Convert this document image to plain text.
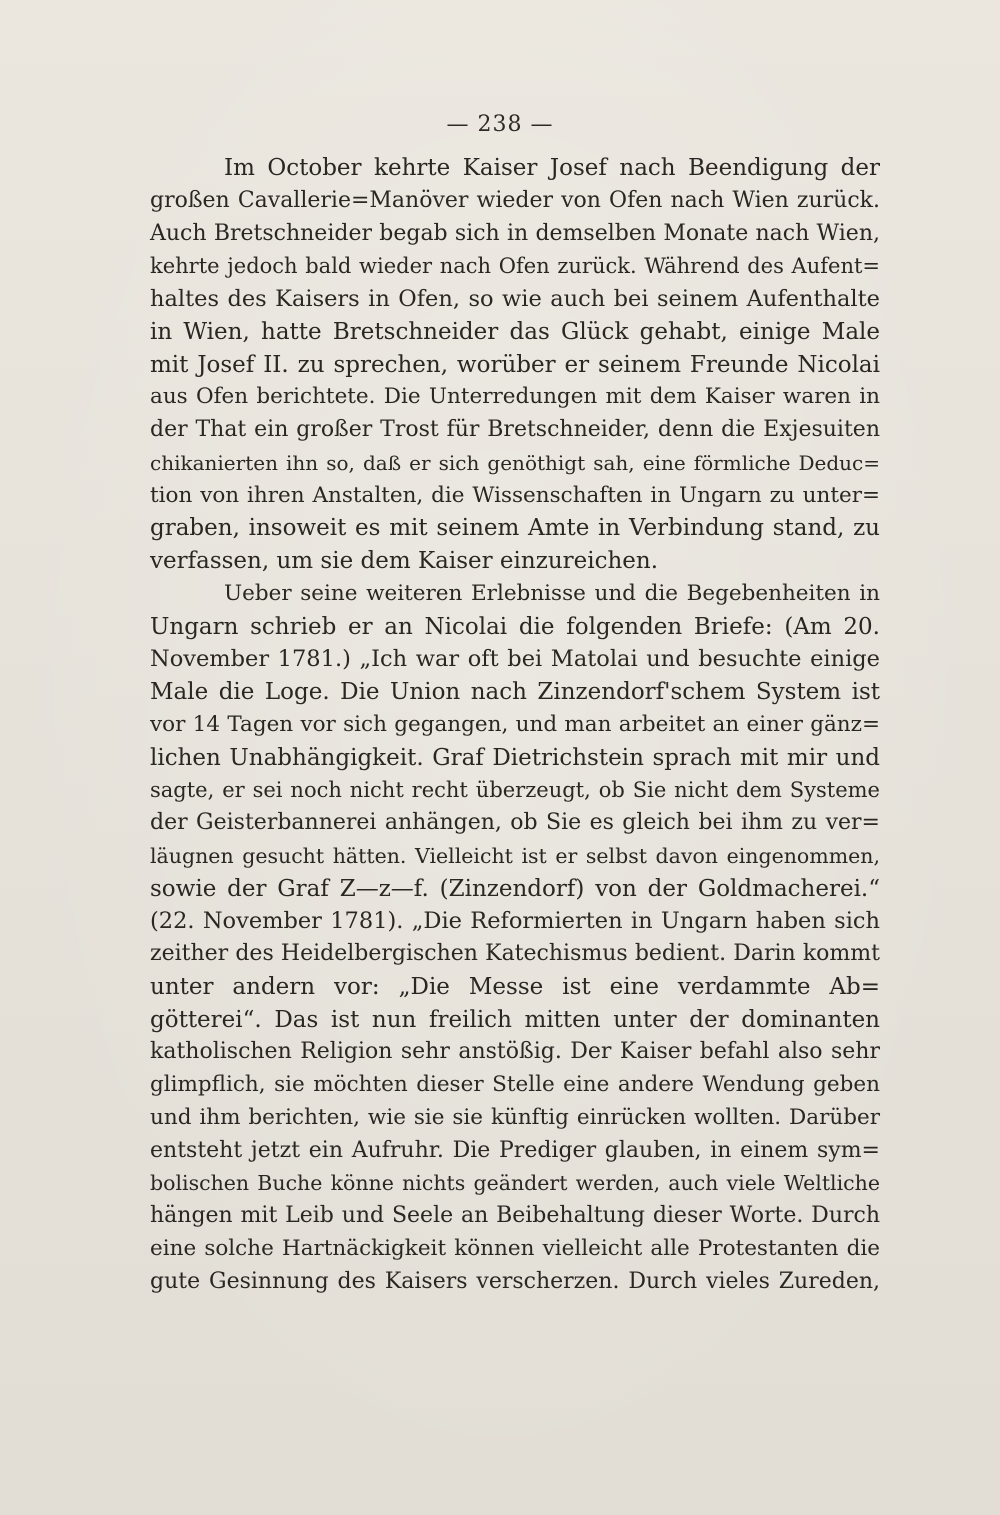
— 238 —
Im October kehrte Kaiser Josef nach Beendigung der
großen Cavallerie=Manöver wieder von Ofen nach Wien zurück.
Auch Bretschneider begab sich in demselben Monate nach Wien,
kehrte jedoch bald wieder nach Ofen zurück. Während des Aufent=
haltes des Kaisers in Ofen, so wie auch bei seinem Aufenthalte
in Wien, hatte Bretschneider das Glück gehabt, einige Male
mit Josef II. zu sprechen, worüber er seinem Freunde Nicolai
aus Ofen berichtete. Die Unterredungen mit dem Kaiser waren in
der That ein großer Trost für Bretschneider, denn die Exjesuiten
chikanierten ihn so, daß er sich genöthigt sah, eine förmliche Deduc=
tion von ihren Anstalten, die Wissenschaften in Ungarn zu unter=
graben, insoweit es mit seinem Amte in Verbindung stand, zu
verfassen, um sie dem Kaiser einzureichen.
Ueber seine weiteren Erlebnisse und die Begebenheiten in
Ungarn schrieb er an Nicolai die folgenden Briefe: (Am 20.
November 1781.) „Ich war oft bei Matolai und besuchte einige
Male die Loge. Die Union nach Zinzendorf'schem System ist
vor 14 Tagen vor sich gegangen, und man arbeitet an einer gänz=
lichen Unabhängigkeit. Graf Dietrichstein sprach mit mir und
sagte, er sei noch nicht recht überzeugt, ob Sie nicht dem Systeme
der Geisterbannerei anhängen, ob Sie es gleich bei ihm zu ver=
läugnen gesucht hätten. Vielleicht ist er selbst davon eingenommen,
sowie der Graf Z—z—f. (Zinzendorf) von der Goldmacherei.“
(22. November 1781). „Die Reformierten in Ungarn haben sich
zeither des Heidelbergischen Katechismus bedient. Darin kommt
unter andern vor: „Die Messe ist eine verdammte Ab=
götterei“. Das ist nun freilich mitten unter der dominanten
katholischen Religion sehr anstößig. Der Kaiser befahl also sehr
glimpflich, sie möchten dieser Stelle eine andere Wendung geben
und ihm berichten, wie sie sie künftig einrücken wollten. Darüber
entsteht jetzt ein Aufruhr. Die Prediger glauben, in einem sym=
bolischen Buche könne nichts geändert werden, auch viele Weltliche
hängen mit Leib und Seele an Beibehaltung dieser Worte. Durch
eine solche Hartnäckigkeit können vielleicht alle Protestanten die
gute Gesinnung des Kaisers verscherzen. Durch vieles Zureden,
